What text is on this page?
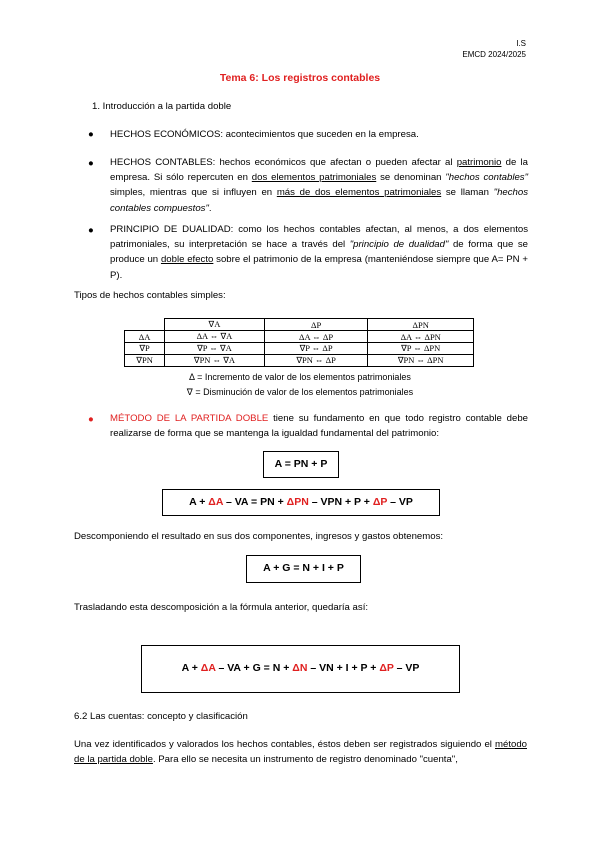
I.S
EMCD 2024/2025
Tema 6: Los registros contables
1. Introducción a la partida doble
● HECHOS ECONÓMICOS: acontecimientos que suceden en la empresa.
● HECHOS CONTABLES: hechos económicos que afectan o pueden afectar al patrimonio de la empresa. Si sólo repercuten en dos elementos patrimoniales se denominan "hechos contables" simples, mientras que si influyen en más de dos elementos patrimoniales se llaman "hechos contables compuestos".
● PRINCIPIO DE DUALIDAD: como los hechos contables afectan, al menos, a dos elementos patrimoniales, su interpretación se hace a través del "principio de dualidad" de forma que se produce un doble efecto sobre el patrimonio de la empresa (manteniéndose siempre que A= PN + P).
Tipos de hechos contables simples:
	∇A	ΔP	ΔPN
ΔA	ΔA ⇔ ∇A	ΔA ⇔ ΔP	ΔA ⇔ ΔPN
∇P	∇P ⇔ ∇A	∇P ⇔ ΔP	∇P ⇔ ΔPN
∇PN	∇PN ⇔ ∇A	∇PN ⇔ ΔP	∇PN ⇔ ΔPN
Δ = Incremento de valor de los elementos patrimoniales
∇ = Disminución de valor de los elementos patrimoniales
● MÉTODO DE LA PARTIDA DOBLE tiene su fundamento en que todo registro contable debe realizarse de forma que se mantenga la igualdad fundamental del patrimonio:
A = PN + P
A + ΔA – VA = PN + ΔPN – VPN + P + ΔP – VP
Descomponiendo el resultado en sus dos componentes, ingresos y gastos obtenemos:
A + G = N + I + P
Trasladando esta descomposición a la fórmula anterior, quedaría así:
A + ΔA – VA + G = N + ΔN – VN + I + P + ΔP – VP
6.2 Las cuentas: concepto y clasificación
Una vez identificados y valorados los hechos contables, éstos deben ser registrados siguiendo el método de la partida doble. Para ello se necesita un instrumento de registro denominado "cuenta",
